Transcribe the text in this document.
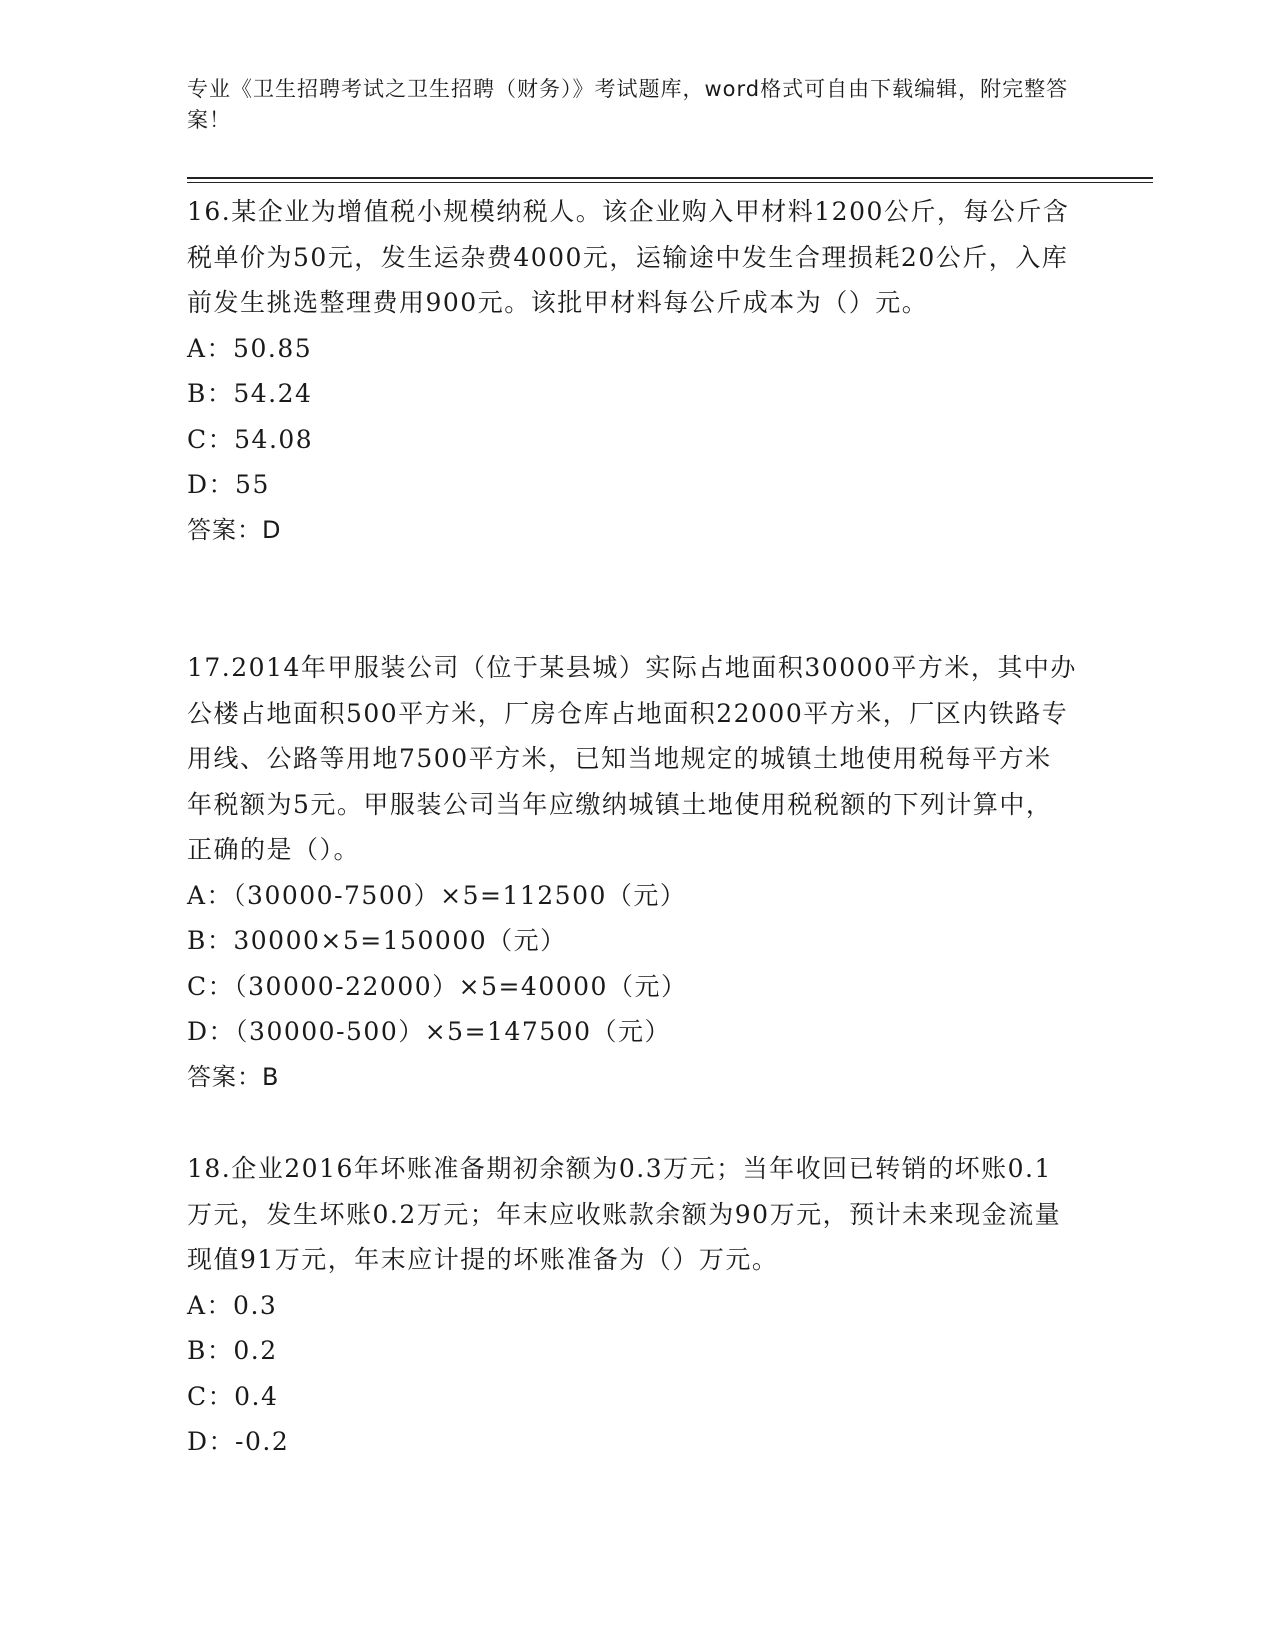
专业《卫生招聘考试之卫生招聘（财务）》考试题库，word格式可自由下载编辑，附完整答案！
16.某企业为增值税小规模纳税人。该企业购入甲材料1200公斤，每公斤含税单价为50元，发生运杂费4000元，运输途中发生合理损耗20公斤，入库前发生挑选整理费用900元。该批甲材料每公斤成本为（）元。
A：50.85
B：54.24
C：54.08
D：55
答案：D
17.2014年甲服装公司（位于某县城）实际占地面积30000平方米，其中办公楼占地面积500平方米，厂房仓库占地面积22000平方米，厂区内铁路专用线、公路等用地7500平方米，已知当地规定的城镇土地使用税每平方米年税额为5元。甲服装公司当年应缴纳城镇土地使用税税额的下列计算中，正确的是（）。
A：（30000-7500）×5=112500（元）
B：30000×5=150000（元）
C：（30000-22000）×5=40000（元）
D：（30000-500）×5=147500（元）
答案：B
18.企业2016年坏账准备期初余额为0.3万元；当年收回已转销的坏账0.1万元，发生坏账0.2万元；年末应收账款余额为90万元，预计未来现金流量现值91万元，年末应计提的坏账准备为（）万元。
A：0.3
B：0.2
C：0.4
D：-0.2
